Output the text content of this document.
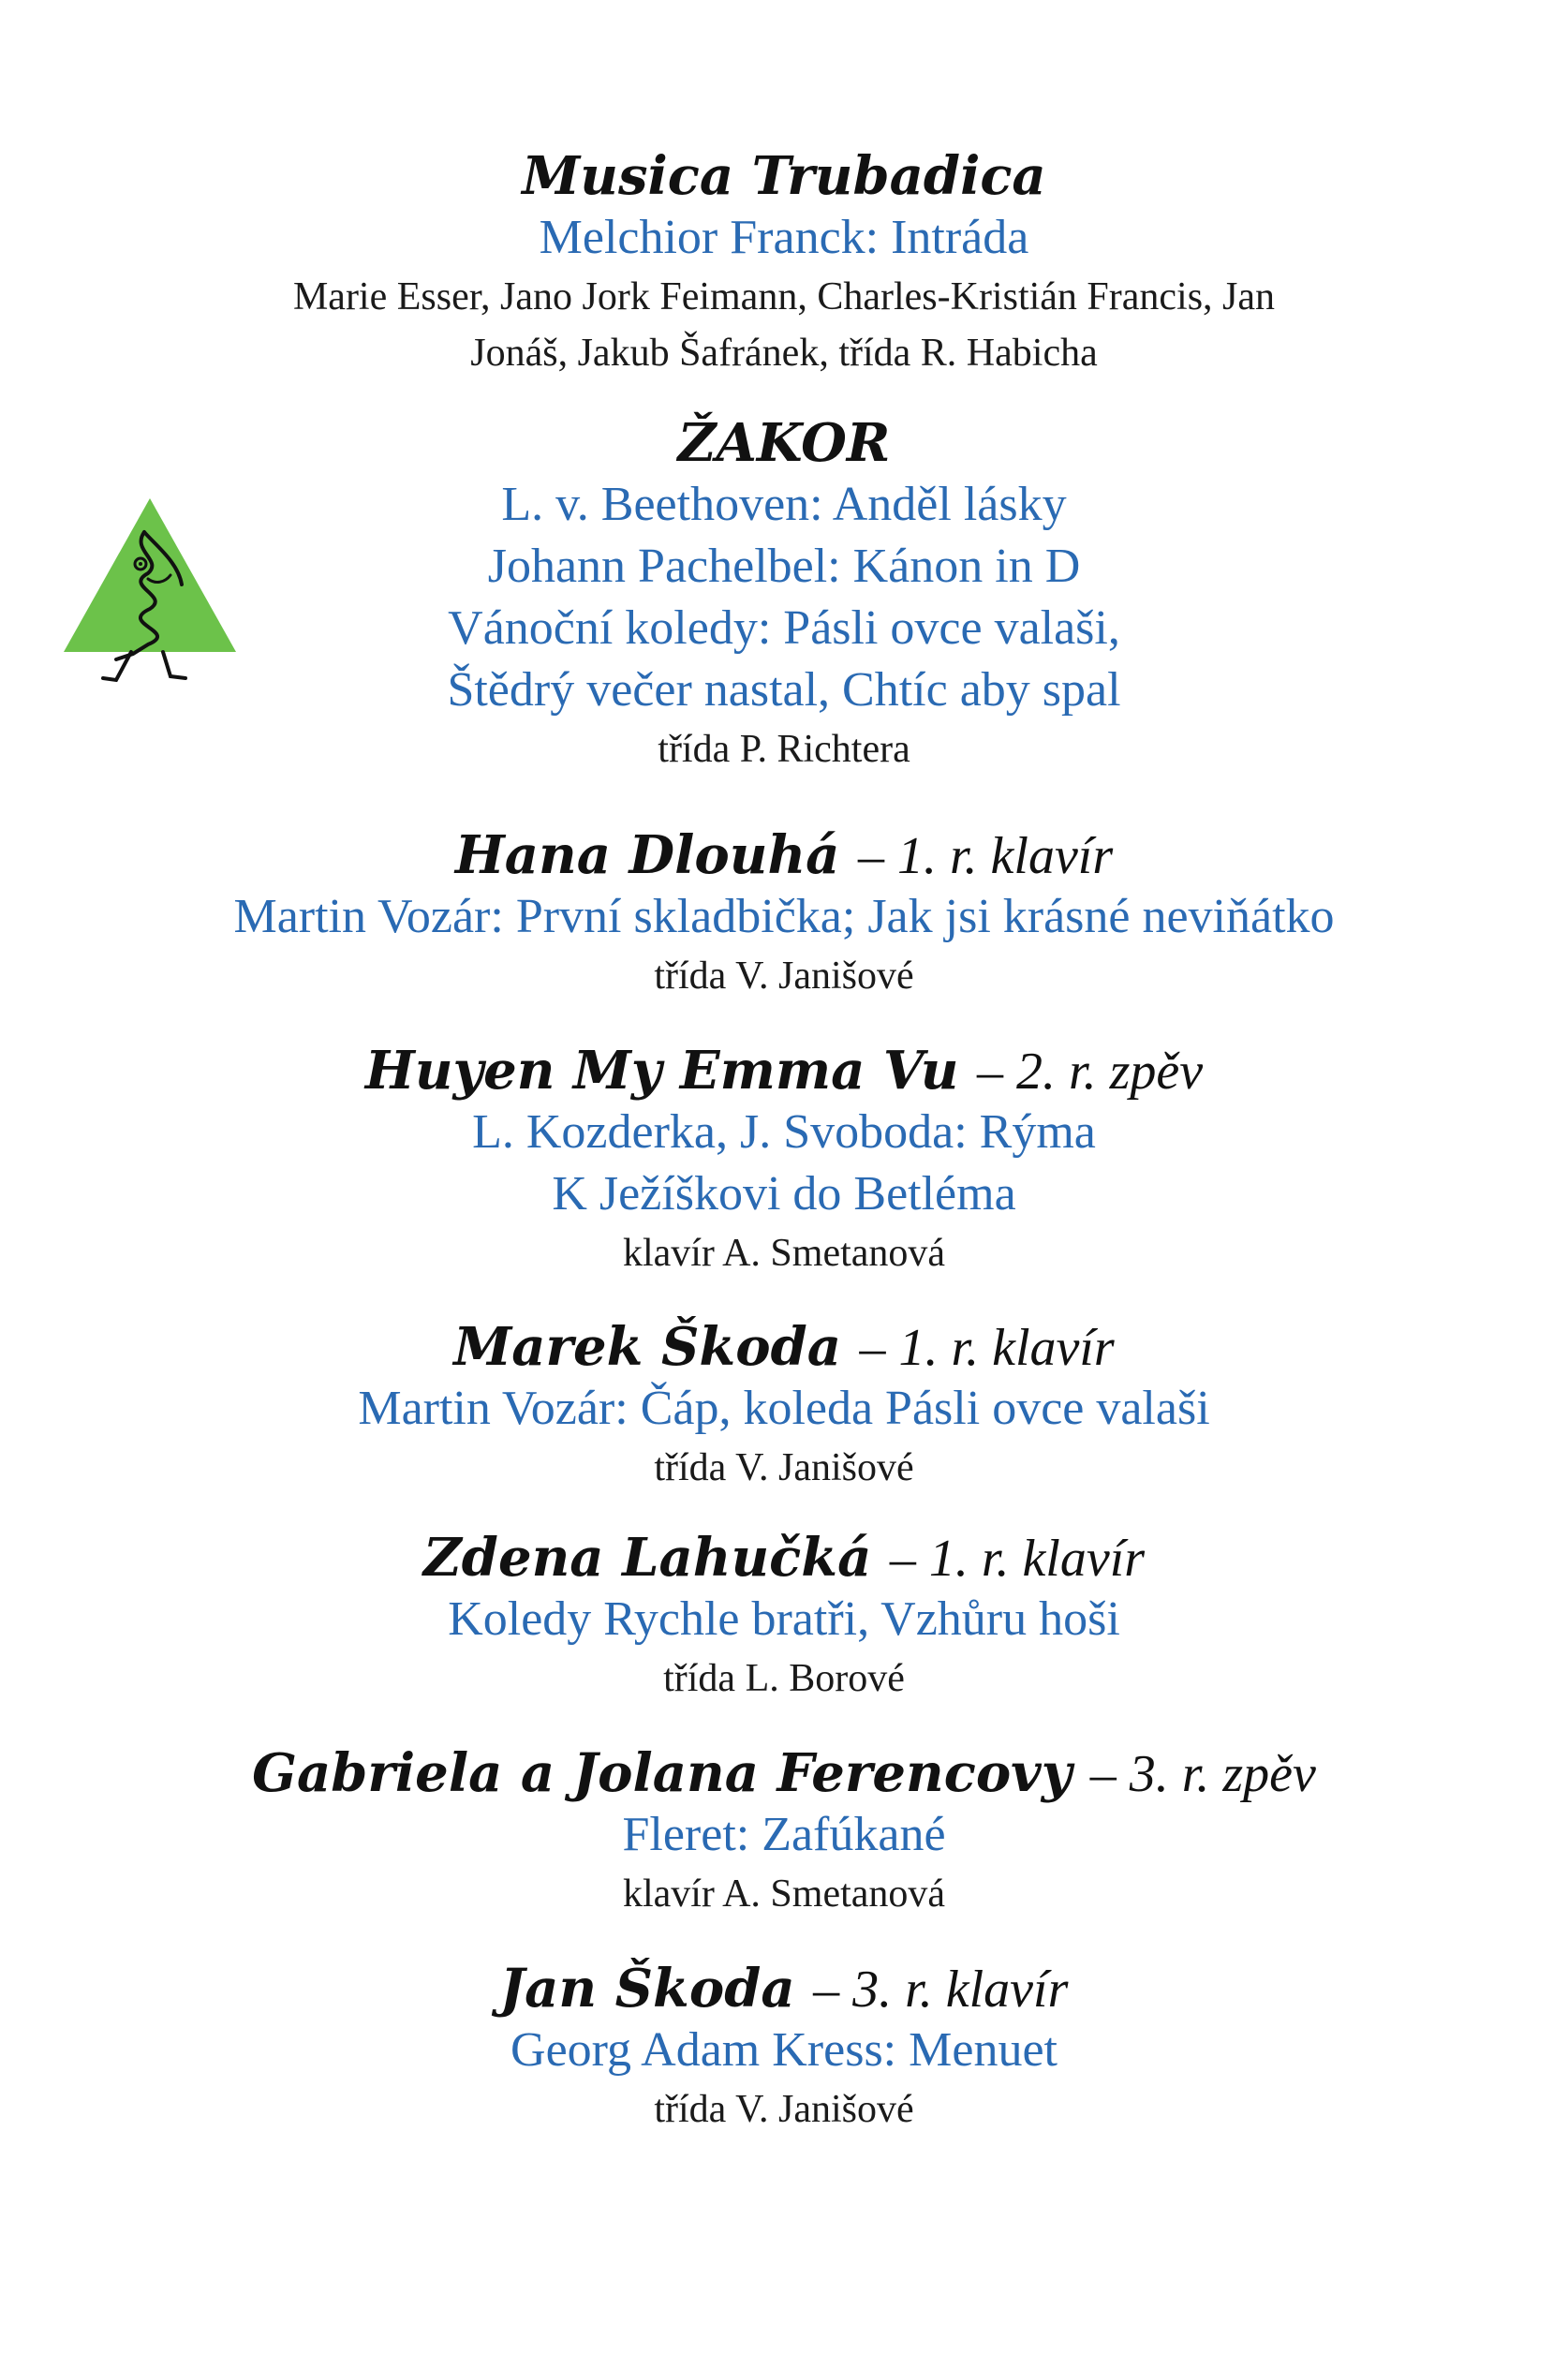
Musica Trubadica
Melchior Franck: Intráda
Marie Esser, Jano Jork Feimann, Charles-Kristián Francis, Jan
Jonáš, Jakub Šafránek, třída R. Habicha
ŽAKOR
L. v. Beethoven: Anděl lásky
Johann Pachelbel: Kánon in D
Vánoční koledy: Pásli ovce valaši,
Štědrý večer nastal, Chtíc aby spal
třída P. Richtera
Hana Dlouhá – 1. r. klavír
Martin Vozár: První skladbička; Jak jsi krásné neviňátko
třída V. Janišové
Huyen My Emma Vu – 2. r. zpěv
L. Kozderka, J. Svoboda: Rýma
K Ježíškovi do Betléma
klavír A. Smetanová
Marek Škoda – 1. r. klavír
Martin Vozár: Čáp, koleda Pásli ovce valaši
třída V. Janišové
Zdena Lahučká – 1. r. klavír
Koledy Rychle bratři, Vzhůru hoši
třída L. Borové
Gabriela a Jolana Ferencovy – 3. r. zpěv
Fleret: Zafúkané
klavír A. Smetanová
Jan Škoda – 3. r. klavír
Georg Adam Kress: Menuet
třída V. Janišové
